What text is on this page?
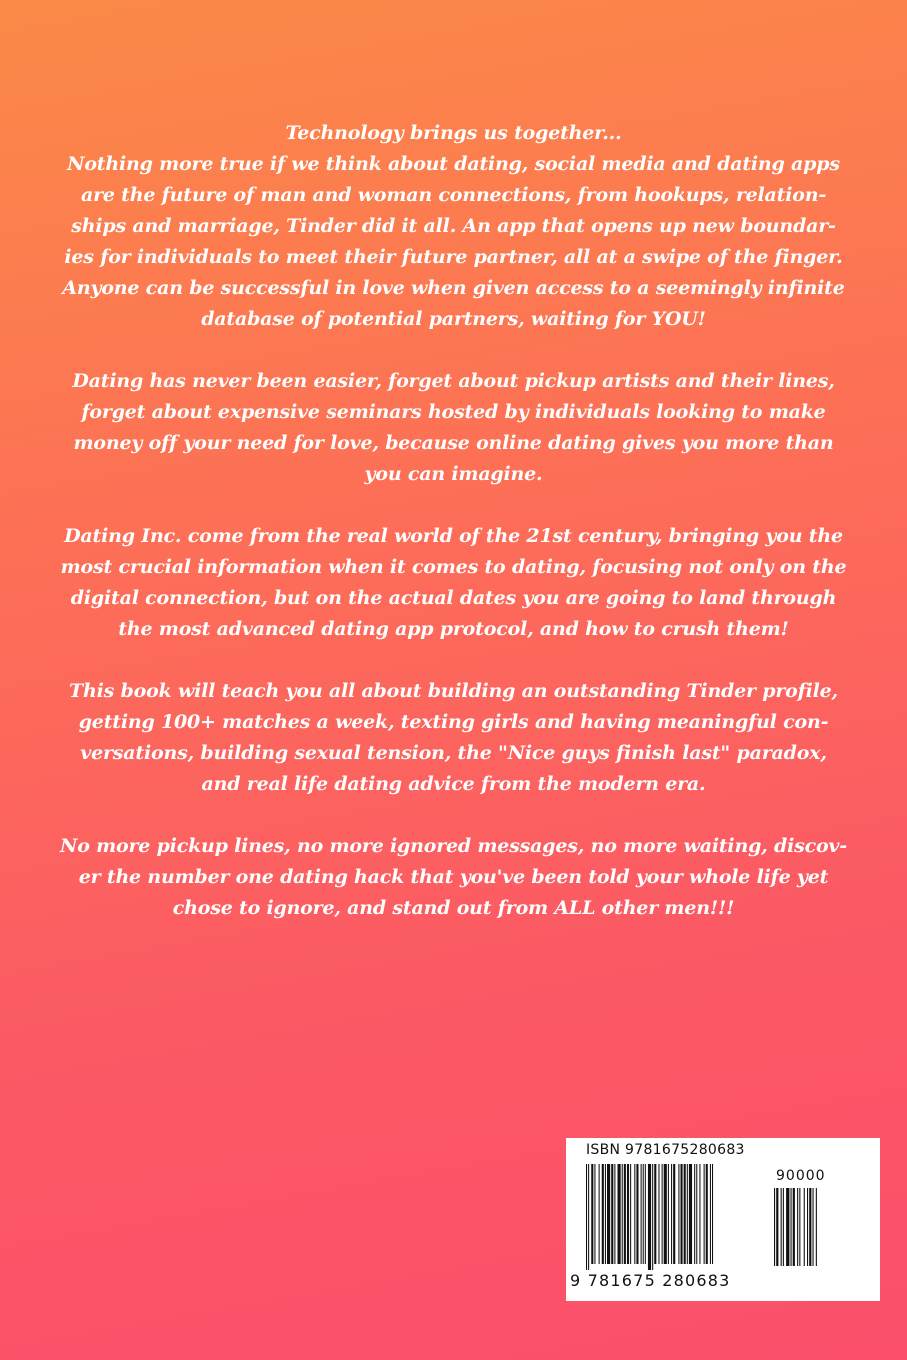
Technology brings us together...
Nothing more true if we think about dating, social media and dating apps
are the future of man and woman connections, from hookups, relation-
ships and marriage, Tinder did it all. An app that opens up new boundar-
ies for individuals to meet their future partner, all at a swipe of the finger.
Anyone can be successful in love when given access to a seemingly infinite
database of potential partners, waiting for YOU!

Dating has never been easier, forget about pickup artists and their lines,
forget about expensive seminars hosted by individuals looking to make
money off your need for love, because online dating gives you more than
you can imagine.

Dating Inc. come from the real world of the 21st century, bringing you the
most crucial information when it comes to dating, focusing not only on the
digital connection, but on the actual dates you are going to land through
the most advanced dating app protocol, and how to crush them!

This book will teach you all about building an outstanding Tinder profile,
getting 100+ matches a week, texting girls and having meaningful con-
versations, building sexual tension, the "Nice guys finish last" paradox,
and real life dating advice from the modern era.

No more pickup lines, no more ignored messages, no more waiting, discov-
er the number one dating hack that you've been told your whole life yet
chose to ignore, and stand out from ALL other men!!!

ISBN 9781675280683
90000
9 781675 280683
